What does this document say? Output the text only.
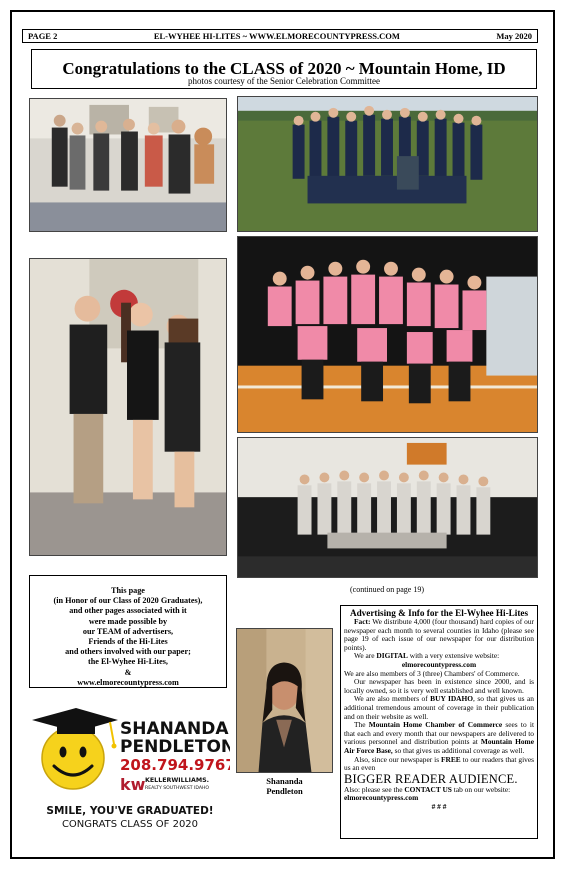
PAGE 2	EL-WYHEE HI-LITES ~ WWW.ELMORECOUNTYPRESS.COM	May 2020
Congratulations to the CLASS of 2020 ~ Mountain Home, ID
photos courtesy of the Senior Celebration Committee
(continued on page 19)
This page
(in Honor of our Class of 2020 Graduates),
and other pages associated with it
were made possible by
our TEAM of advertisers,
Friends of the Hi-Lites
and others involved with our paper;
the El-Wyhee Hi-Lites,
&
www.elmorecountypress.com
Shananda
Pendleton
SHANANDA
PENDLETON
208.794.9767
kw KELLERWILLIAMS.
REALTY SOUTHWEST IDAHO
SMILE, YOU'VE GRADUATED!
CONGRATS CLASS OF 2020
Advertising & Info for the El-Wyhee Hi-Lites

Fact: We distribute 4,000 (four thousand) hard copies of our newspaper each month to several counties in Idaho (please see page 19 of each issue of our newspaper for our distribution points).

We are DIGITAL with a very extensive website:

elmorecountypress.com

We are also members of 3 (three) Chambers' of Commerce.

Our newspaper has been in existence since 2000, and is locally owned, so it is very well established and well known.

We are also members of BUY IDAHO, so that gives us an additional tremendous amount of coverage in their publication and on their website as well.

The Mountain Home Chamber of Commerce sees to it that each and every month that our newspapers are delivered to various personnel and distribution points at Mountain Home Air Force Base, so that gives us additional coverage as well.

Also, since our newspaper is FREE to our readers that gives us an even

BIGGER READER AUDIENCE.

Also: please see the CONTACT US tab on our website:

elmorecountypress.com

# # #
